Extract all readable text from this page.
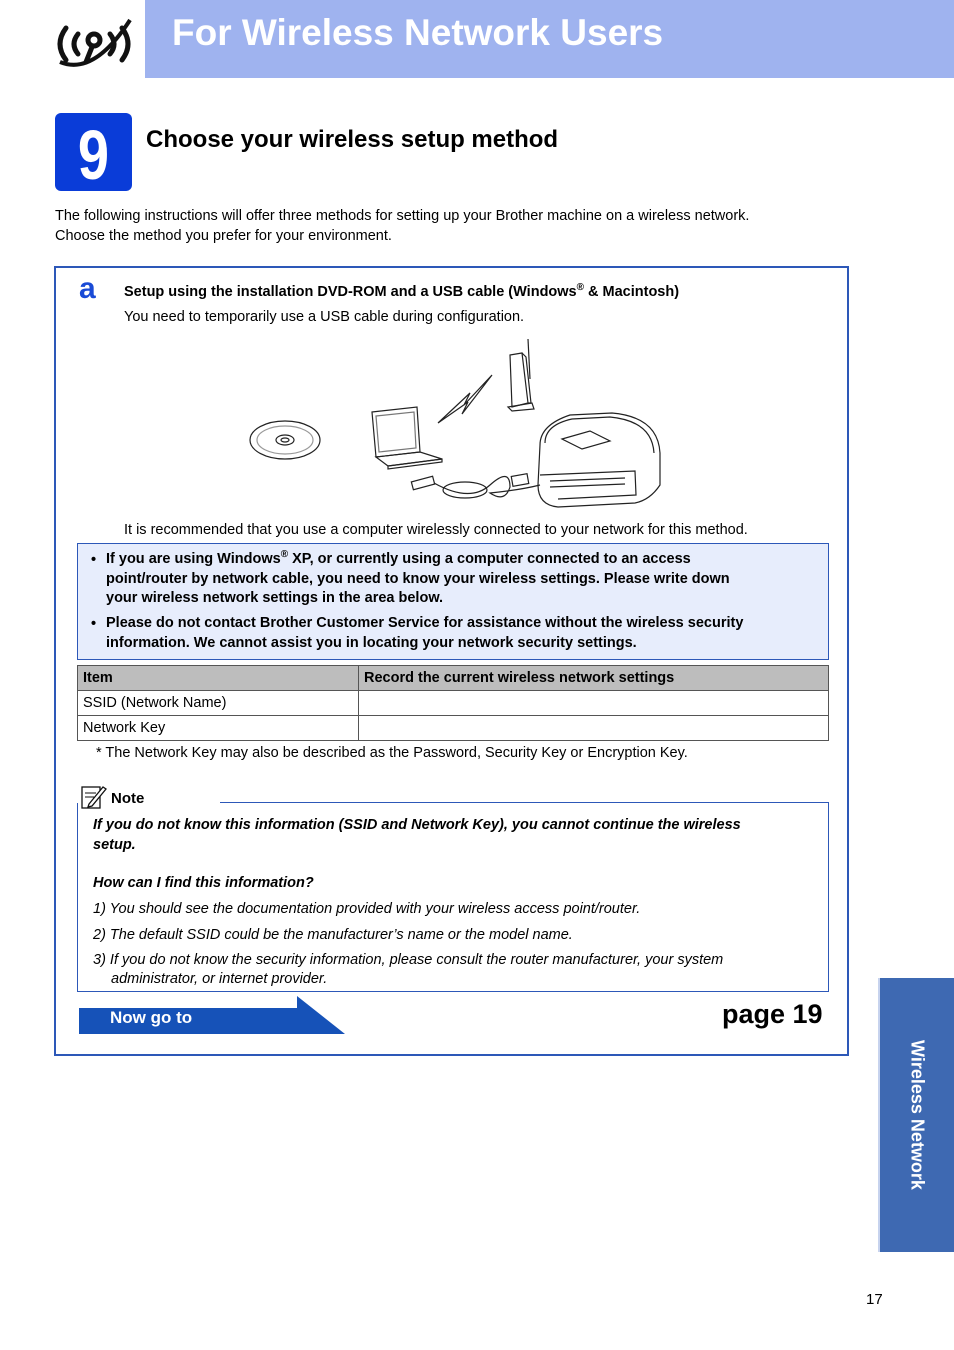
For Wireless Network Users
9	Choose your wireless setup method
The following instructions will offer three methods for setting up your Brother machine on a wireless network.
Choose the method you prefer for your environment.
a Setup using the installation DVD-ROM and a USB cable (Windows® & Macintosh)
You need to temporarily use a USB cable during configuration.
It is recommended that you use a computer wirelessly connected to your network for this method.
• If you are using Windows® XP, or currently using a computer connected to an access
point/router by network cable, you need to know your wireless settings. Please write down
your wireless network settings in the area below.
• Please do not contact Brother Customer Service for assistance without the wireless security
information. We cannot assist you in locating your network security settings.
Item	Record the current wireless network settings
SSID (Network Name)	
Network Key	
* The Network Key may also be described as the Password, Security Key or Encryption Key.
Note
If you do not know this information (SSID and Network Key), you cannot continue the wireless
setup.
How can I find this information?
1) You should see the documentation provided with your wireless access point/router.
2) The default SSID could be the manufacturer’s name or the model name.
3) If you do not know the security information, please consult the router manufacturer, your system
administrator, or internet provider.
Now go to	page 19
Wireless Network
17
